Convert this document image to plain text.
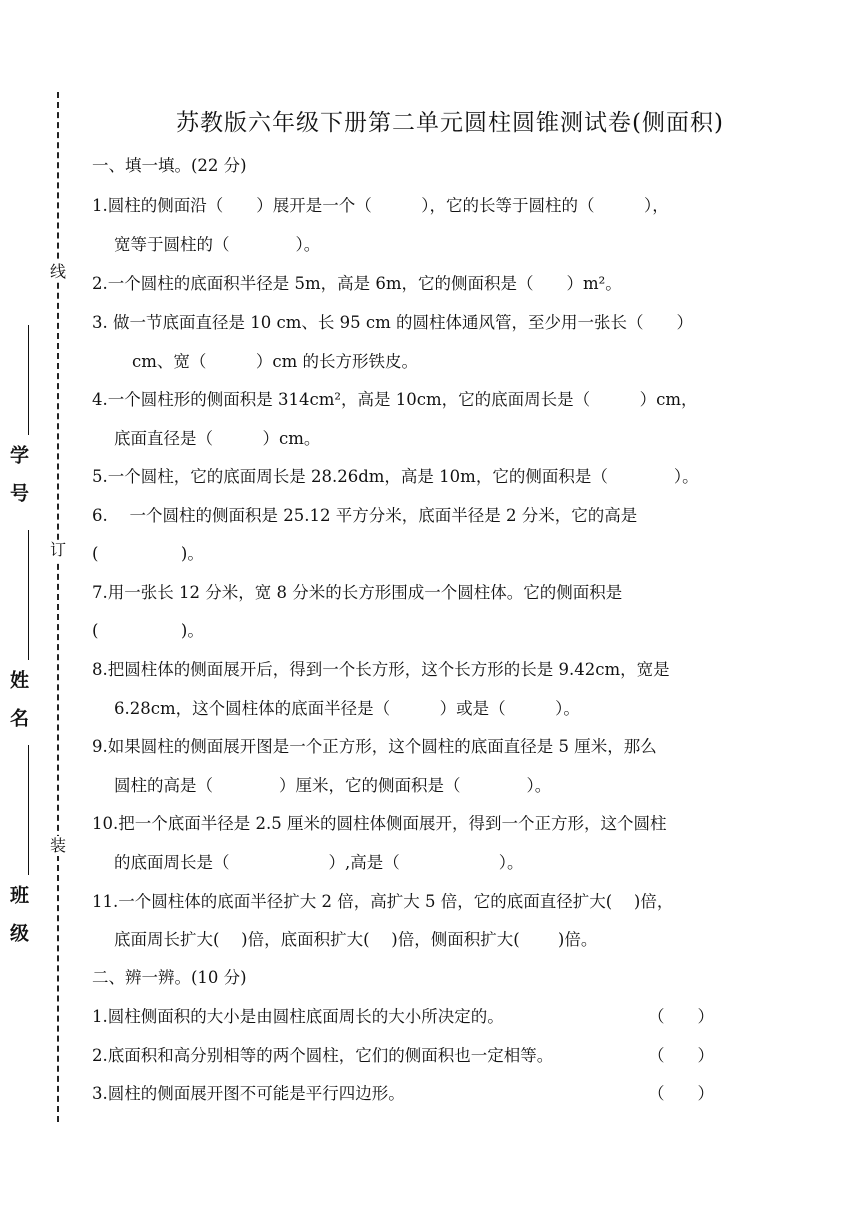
线
订
装
学　号
姓　名
班　级
苏教版六年级下册第二单元圆柱圆锥测试卷(侧面积)
一、填一填。(22 分)
1.圆柱的侧面沿（　　）展开是一个（　　　），它的长等于圆柱的（　　　），
宽等于圆柱的（　　　　）。
2.一个圆柱的底面积半径是 5m，高是 6m，它的侧面积是（　　）m²。
3. 做一节底面直径是 10 cm、长 95 cm 的圆柱体通风管，至少用一张长（　　）
cm、宽（　　　）cm 的长方形铁皮。
4.一个圆柱形的侧面积是 314cm²，高是 10cm，它的底面周长是（　　　）cm，
底面直径是（　　　）cm。
5.一个圆柱，它的底面周长是 28.26dm，高是 10m，它的侧面积是（　　　　）。
6.　 一个圆柱的侧面积是 25.12 平方分米，底面半径是 2 分米，它的高是
(　　　　　)。
7.用一张长 12 分米，宽 8 分米的长方形围成一个圆柱体。它的侧面积是
(　　　　　)。
8.把圆柱体的侧面展开后，得到一个长方形，这个长方形的长是 9.42cm，宽是
6.28cm，这个圆柱体的底面半径是（　　　）或是（　　　）。
9.如果圆柱的侧面展开图是一个正方形，这个圆柱的底面直径是 5 厘米，那么
圆柱的高是（　　　　）厘米，它的侧面积是（　　　　）。
10.把一个底面半径是 2.5 厘米的圆柱体侧面展开，得到一个正方形，这个圆柱
的底面周长是（　　　　　　）,高是（　　　　　　）。
11.一个圆柱体的底面半径扩大 2 倍，高扩大 5 倍，它的底面直径扩大(　 )倍，
底面周长扩大(　 )倍，底面积扩大(　 )倍，侧面积扩大(　　 )倍。
二、辨一辨。(10 分)
1.圆柱侧面积的大小是由圆柱底面周长的大小所决定的。	（　　）
2.底面积和高分别相等的两个圆柱，它们的侧面积也一定相等。	（　　）
3.圆柱的侧面展开图不可能是平行四边形。	（　　）
